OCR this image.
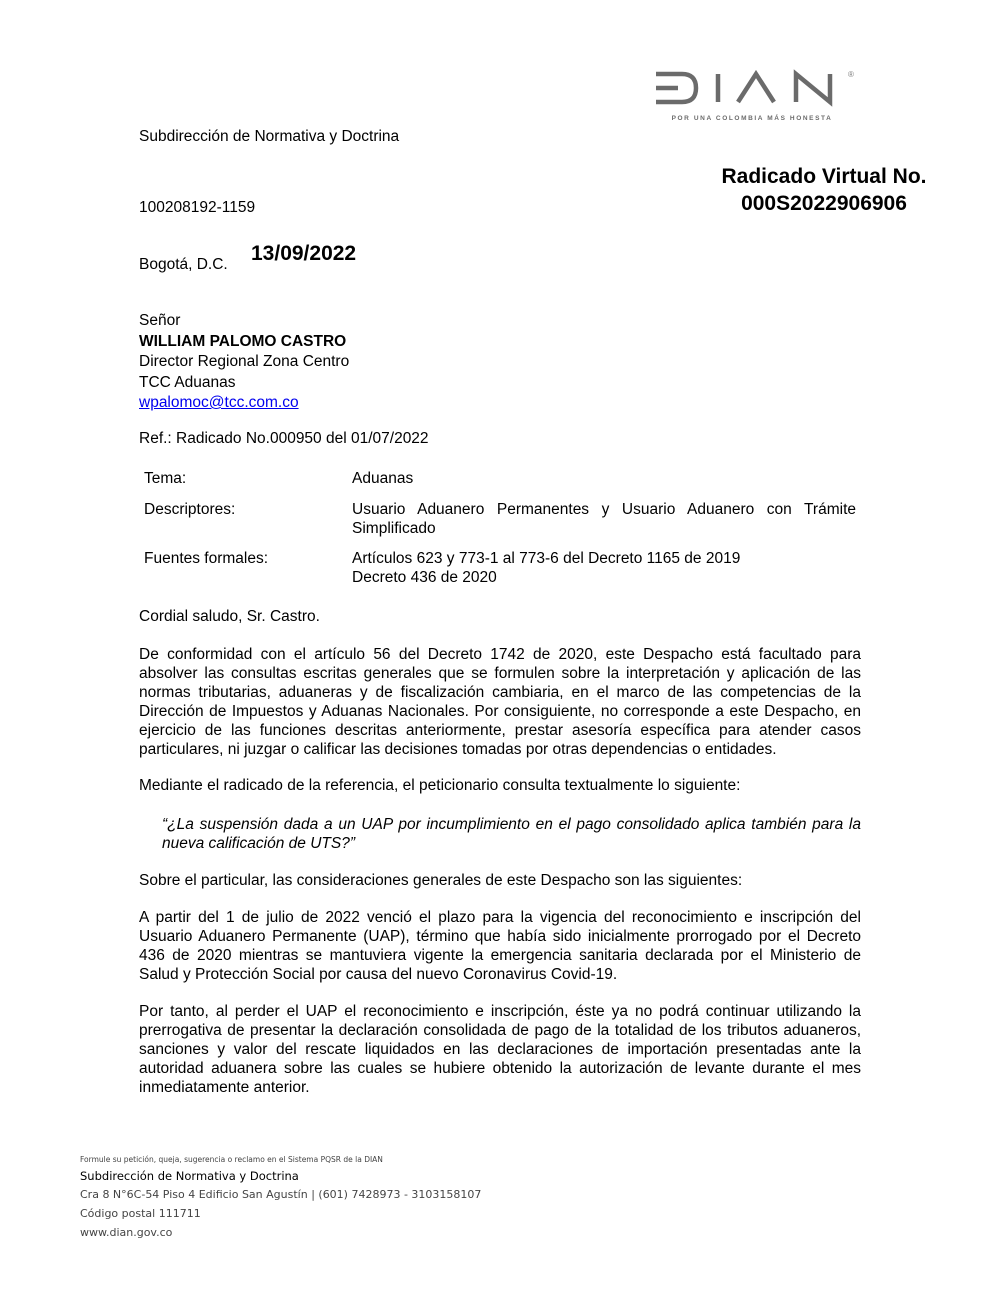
®
POR UNA COLOMBIA MÁS HONESTA
Subdirección de Normativa y Doctrina
Radicado Virtual No.
000S2022906906
100208192-1159
Bogotá, D.C. 13/09/2022
Señor
WILLIAM PALOMO CASTRO
Director Regional Zona Centro
TCC Aduanas
wpalomoc@tcc.com.co
Ref.: Radicado No.000950 del 01/07/2022
Tema:	Aduanas
Descriptores:	Usuario Aduanero Permanentes y Usuario Aduanero con Trámite Simplificado
Fuentes formales:	Artículos 623 y 773-1 al 773-6 del Decreto 1165 de 2019
Decreto 436 de 2020
Cordial saludo, Sr. Castro.
De conformidad con el artículo 56 del Decreto 1742 de 2020, este Despacho está facultado para absolver las consultas escritas generales que se formulen sobre la interpretación y aplicación de las normas tributarias, aduaneras y de fiscalización cambiaria, en el marco de las competencias de la Dirección de Impuestos y Aduanas Nacionales. Por consiguiente, no corresponde a este Despacho, en ejercicio de las funciones descritas anteriormente, prestar asesoría específica para atender casos particulares, ni juzgar o calificar las decisiones tomadas por otras dependencias o entidades.
Mediante el radicado de la referencia, el peticionario consulta textualmente lo siguiente:
“¿La suspensión dada a un UAP por incumplimiento en el pago consolidado aplica también para la nueva calificación de UTS?”
Sobre el particular, las consideraciones generales de este Despacho son las siguientes:
A partir del 1 de julio de 2022 venció el plazo para la vigencia del reconocimiento e inscripción del Usuario Aduanero Permanente (UAP), término que había sido inicialmente prorrogado por el Decreto 436 de 2020 mientras se mantuviera vigente la emergencia sanitaria declarada por el Ministerio de Salud y Protección Social por causa del nuevo Coronavirus Covid-19.
Por tanto, al perder el UAP el reconocimiento e inscripción, éste ya no podrá continuar utilizando la prerrogativa de presentar la declaración consolidada de pago de la totalidad de los tributos aduaneros, sanciones y valor del rescate liquidados en las declaraciones de importación presentadas ante la autoridad aduanera sobre las cuales se hubiere obtenido la autorización de levante durante el mes inmediatamente anterior.
Formule su petición, queja, sugerencia o reclamo en el Sistema PQSR de la DIAN
Subdirección de Normativa y Doctrina
Cra 8 N°6C-54 Piso 4 Edificio San Agustín | (601) 7428973 - 3103158107
Código postal 111711
www.dian.gov.co
